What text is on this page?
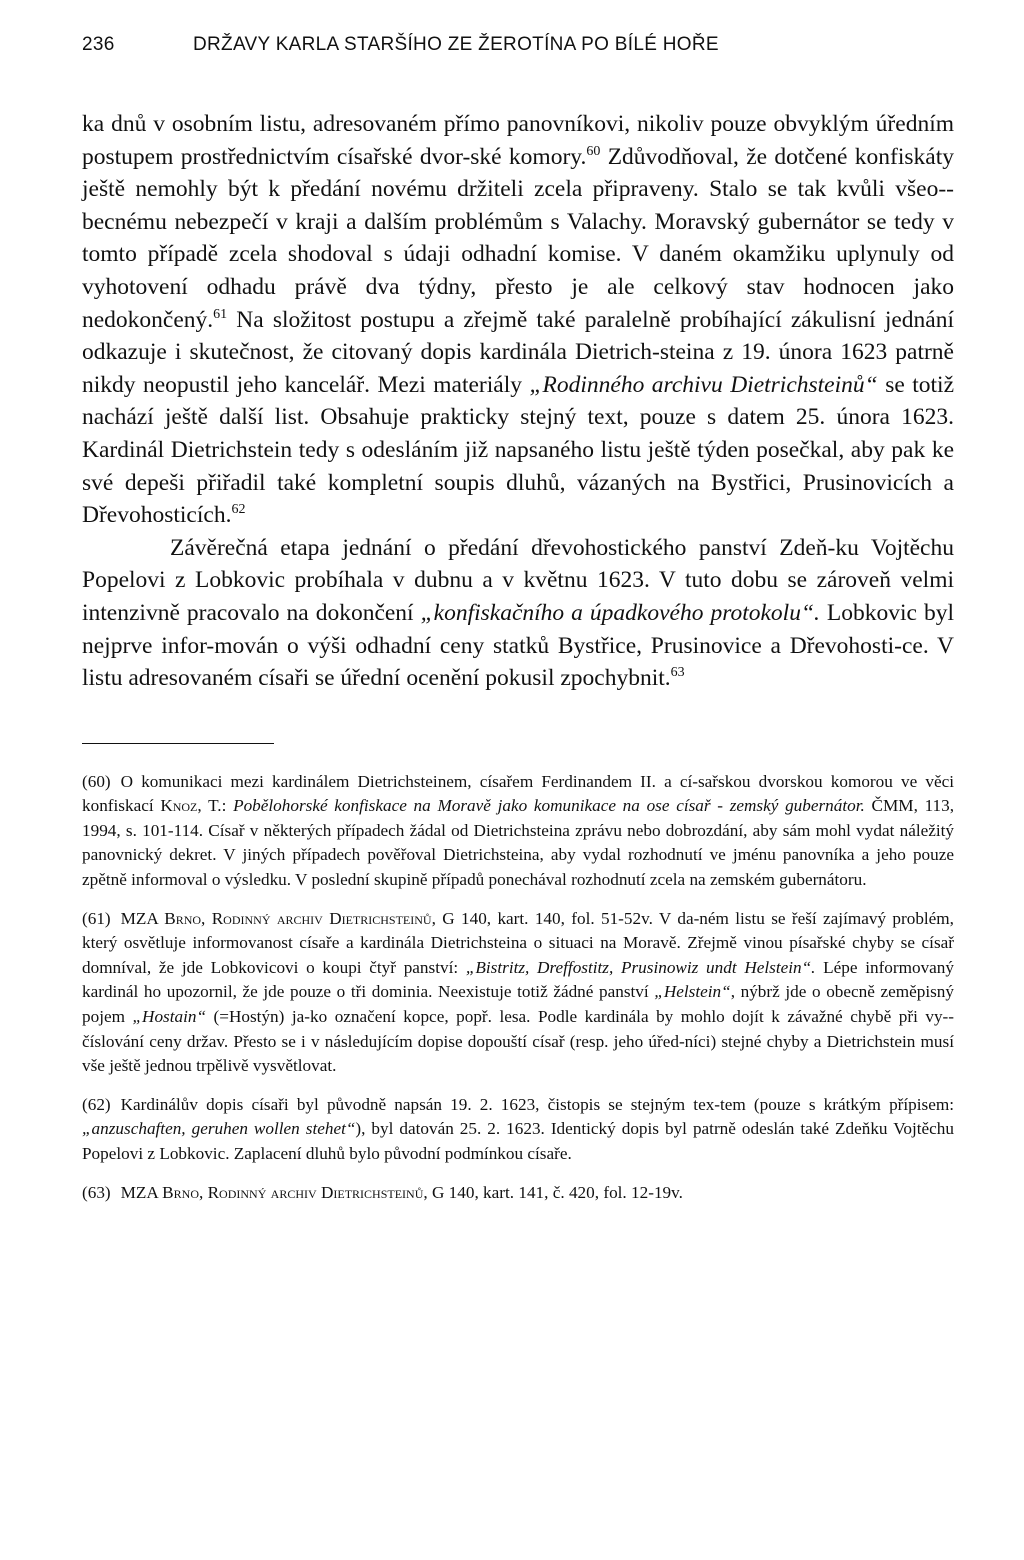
236	DRŽAVY KARLA STARŠÍHO ZE ŽEROTÍNA PO BÍLÉ HOŘE

ka dnů v osobním listu, adresovaném přímo panovníkovi, nikoliv pouze obvyklým úředním postupem prostřednictvím císařské dvor-ské komory.$^{60}$ Zdůvodňoval, že dotčené konfiskáty ještě nemohly být k předání novému držiteli zcela připraveny. Stalo se tak kvůli všeo-becnému nebezpečí v kraji a dalším problémům s Valachy. Moravský gubernátor se tedy v tomto případě zcela shodoval s údaji odhadní komise. V daném okamžiku uplynuly od vyhotovení odhadu právě dva týdny, přesto je ale celkový stav hodnocen jako nedokončený.$^{61}$ Na složitost postupu a zřejmě také paralelně probíhající zákulisní jednání odkazuje i skutečnost, že citovaný dopis kardinála Dietrich-steina z 19. února 1623 patrně nikdy neopustil jeho kancelář. Mezi materiály „Rodinného archivu Dietrichsteinů“ se totiž nachází ještě další list. Obsahuje prakticky stejný text, pouze s datem 25. února 1623. Kardinál Dietrichstein tedy s odesláním již napsaného listu ještě týden posečkal, aby pak ke své depeši přiřadil také kompletní soupis dluhů, vázaných na Bystřici, Prusinovicích a Dřevohosticích.$^{62}$

Závěrečná etapa jednání o předání dřevohostického panství Zdeň-ku Vojtěchu Popelovi z Lobkovic probíhala v dubnu a v květnu 1623. V tuto dobu se zároveň velmi intenzivně pracovalo na dokončení „konfiskačního a úpadkového protokolu“. Lobkovic byl nejprve infor-mován o výši odhadní ceny statků Bystřice, Prusinovice a Dřevohosti-ce. V listu adresovaném císaři se úřední ocenění pokusil zpochybnit.$^{63}$

(60) O komunikaci mezi kardinálem Dietrichsteinem, císařem Ferdinandem II. a cí-sařskou dvorskou komorou ve věci konfiskací Knoz, T.: Pobělohorské konfiskace na Moravě jako komunikace na ose císař - zemský gubernátor. ČMM, 113, 1994, s. 101-114. Císař v některých případech žádal od Dietrichsteina zprávu nebo dobrozdání, aby sám mohl vydat náležitý panovnický dekret. V jiných případech pověřoval Dietrichsteina, aby vydal rozhodnutí ve jménu panovníka a jeho pouze zpětně informoval o výsledku. V poslední skupině případů ponechával rozhodnutí zcela na zemském gubernátoru.

(61) MZA Brno, Rodinný archiv Dietrichsteinů, G 140, kart. 140, fol. 51-52v. V da-ném listu se řeší zajímavý problém, který osvětluje informovanost císaře a kardinála Dietrichsteina o situaci na Moravě. Zřejmě vinou písařské chyby se císař domníval, že jde Lobkovicovi o koupi čtyř panství: „Bistritz, Dreffostitz, Prusinowiz undt Helstein“. Lépe informovaný kardinál ho upozornil, že jde pouze o tři dominia. Neexistuje totiž žádné panství „Helstein“, nýbrž jde o obecně zeměpisný pojem „Hostain“ (=Hostýn) ja-ko označení kopce, popř. lesa. Podle kardinála by mohlo dojít k závažné chybě při vy-číslování ceny držav. Přesto se i v následujícím dopise dopouští císař (resp. jeho úřed-níci) stejné chyby a Dietrichstein musí vše ještě jednou trpělivě vysvětlovat.

(62) Kardinálův dopis císaři byl původně napsán 19. 2. 1623, čistopis se stejným tex-tem (pouze s krátkým přípisem: „anzuschaften, geruhen wollen stehet“), byl datován 25. 2. 1623. Identický dopis byl patrně odeslán také Zdeňku Vojtěchu Popelovi z Lobkovic. Zaplacení dluhů bylo původní podmínkou císaře.

(63) MZA Brno, Rodinný archiv Dietrichsteinů, G 140, kart. 141, č. 420, fol. 12-19v.
